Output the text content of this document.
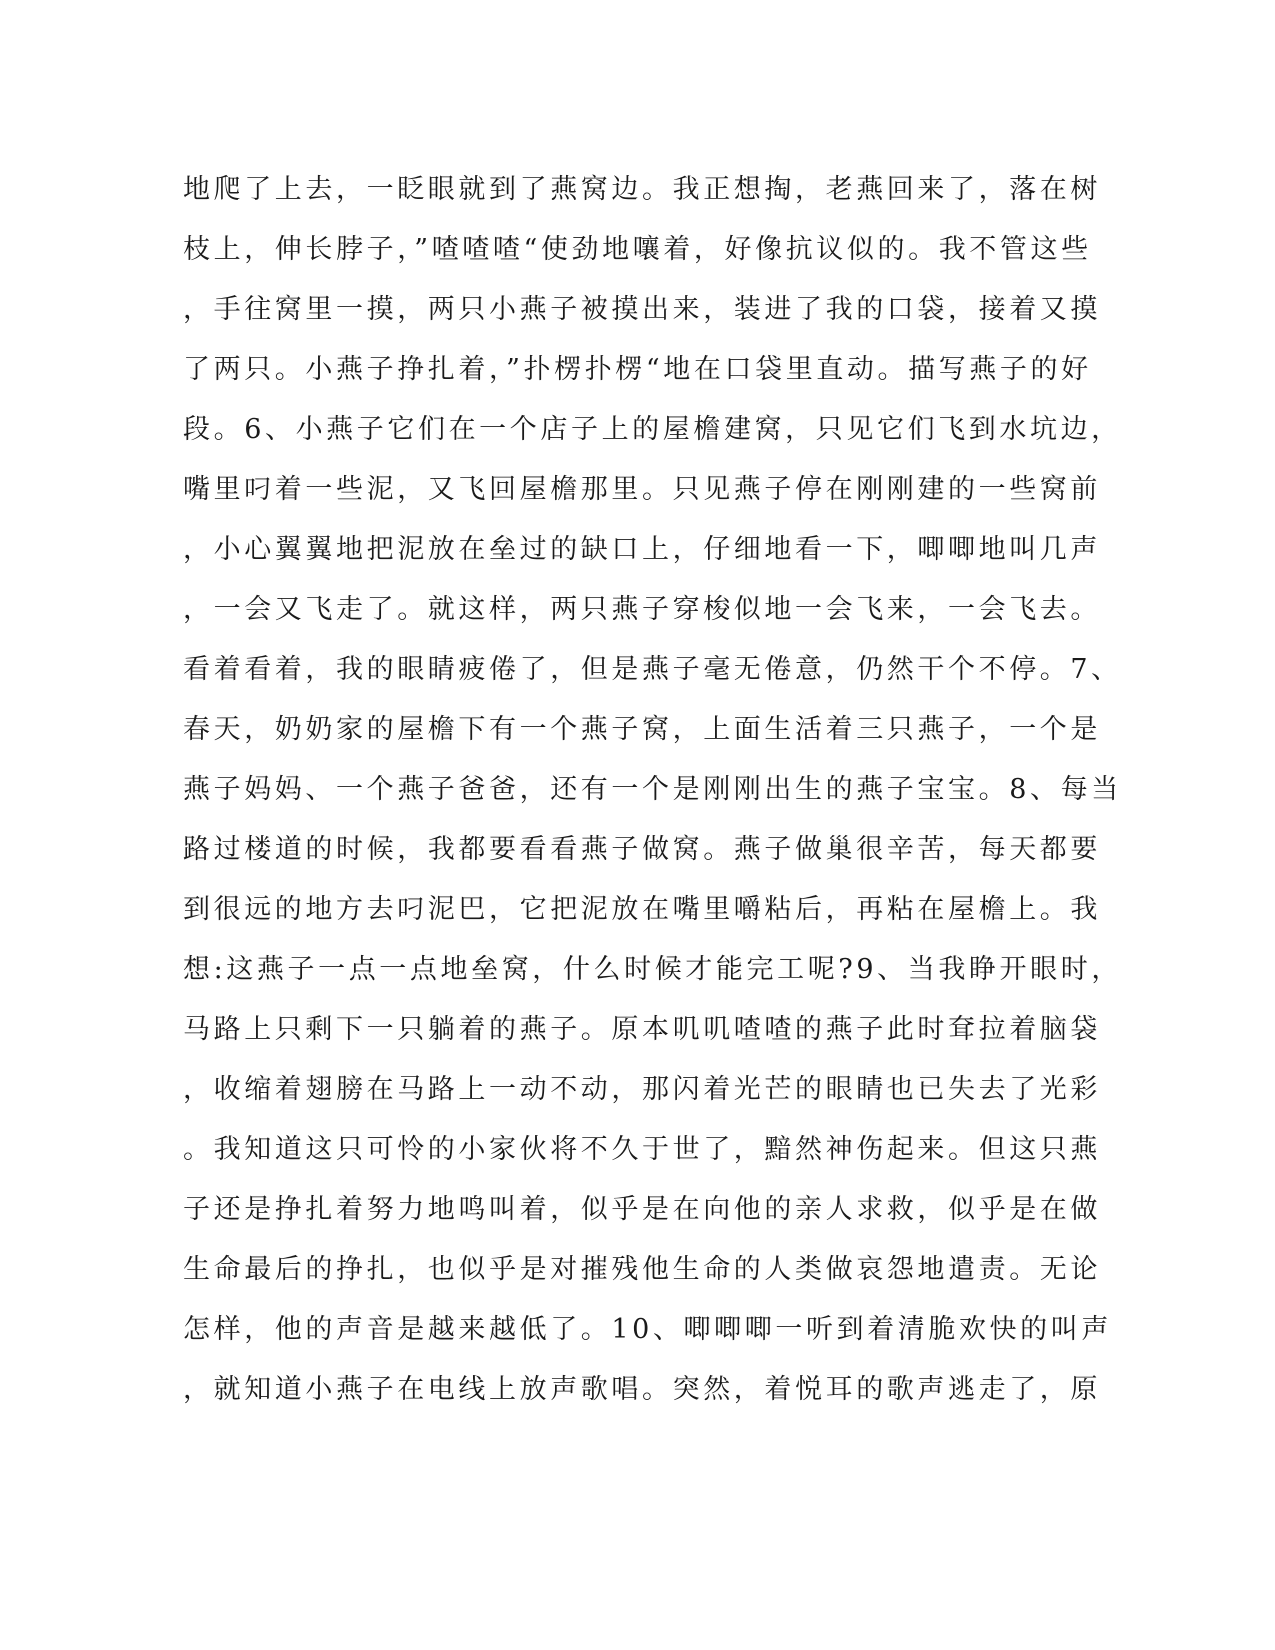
地爬了上去，一眨眼就到了燕窝边。我正想掏，老燕回来了，落在树
枝上，伸长脖子，”喳喳喳“使劲地嚷着，好像抗议似的。我不管这些
，手往窝里一摸，两只小燕子被摸出来，装进了我的口袋，接着又摸
了两只。小燕子挣扎着，”扑楞扑楞“地在口袋里直动。描写燕子的好
段。6、小燕子它们在一个店子上的屋檐建窝，只见它们飞到水坑边，
嘴里叼着一些泥，又飞回屋檐那里。只见燕子停在刚刚建的一些窝前
，小心翼翼地把泥放在垒过的缺口上，仔细地看一下，唧唧地叫几声
，一会又飞走了。就这样，两只燕子穿梭似地一会飞来，一会飞去。
看着看着，我的眼睛疲倦了，但是燕子毫无倦意，仍然干个不停。7、
春天，奶奶家的屋檐下有一个燕子窝，上面生活着三只燕子，一个是
燕子妈妈、一个燕子爸爸，还有一个是刚刚出生的燕子宝宝。8、每当
路过楼道的时候，我都要看看燕子做窝。燕子做巢很辛苦，每天都要
到很远的地方去叼泥巴，它把泥放在嘴里嚼粘后，再粘在屋檐上。我
想:这燕子一点一点地垒窝，什么时候才能完工呢?9、当我睁开眼时，
马路上只剩下一只躺着的燕子。原本叽叽喳喳的燕子此时耷拉着脑袋
，收缩着翅膀在马路上一动不动，那闪着光芒的眼睛也已失去了光彩
。我知道这只可怜的小家伙将不久于世了，黯然神伤起来。但这只燕
子还是挣扎着努力地鸣叫着，似乎是在向他的亲人求救，似乎是在做
生命最后的挣扎，也似乎是对摧残他生命的人类做哀怨地遣责。无论
怎样，他的声音是越来越低了。10、唧唧唧一听到着清脆欢快的叫声
，就知道小燕子在电线上放声歌唱。突然，着悦耳的歌声逃走了，原
